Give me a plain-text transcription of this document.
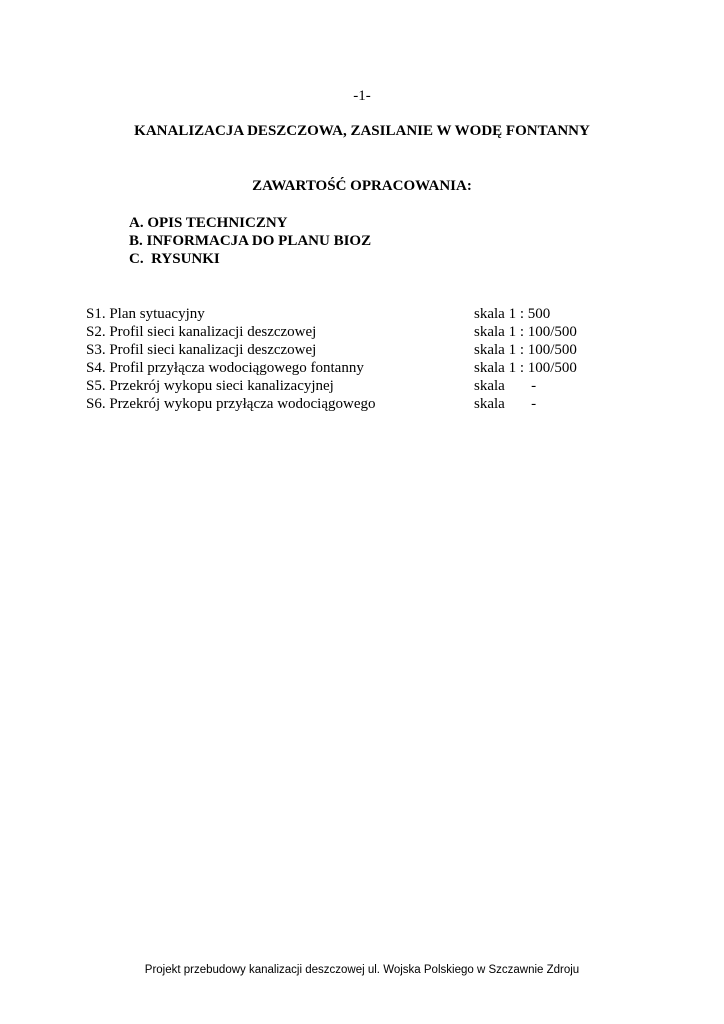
-1-
KANALIZACJA DESZCZOWA, ZASILANIE W WODĘ FONTANNY
ZAWARTOŚĆ OPRACOWANIA:
A. OPIS TECHNICZNY
B. INFORMACJA DO PLANU BIOZ
C.  RYSUNKI
S1. Plan sytuacyjny	skala 1 : 500
S2. Profil sieci kanalizacji deszczowej	skala 1 : 100/500
S3. Profil sieci kanalizacji deszczowej	skala 1 : 100/500
S4. Profil przyłącza wodociągowego fontanny	skala 1 : 100/500
S5. Przekrój wykopu sieci kanalizacyjnej	skala       -
S6. Przekrój wykopu przyłącza wodociągowego	skala       -
Projekt przebudowy kanalizacji deszczowej ul. Wojska Polskiego w Szczawnie Zdroju
